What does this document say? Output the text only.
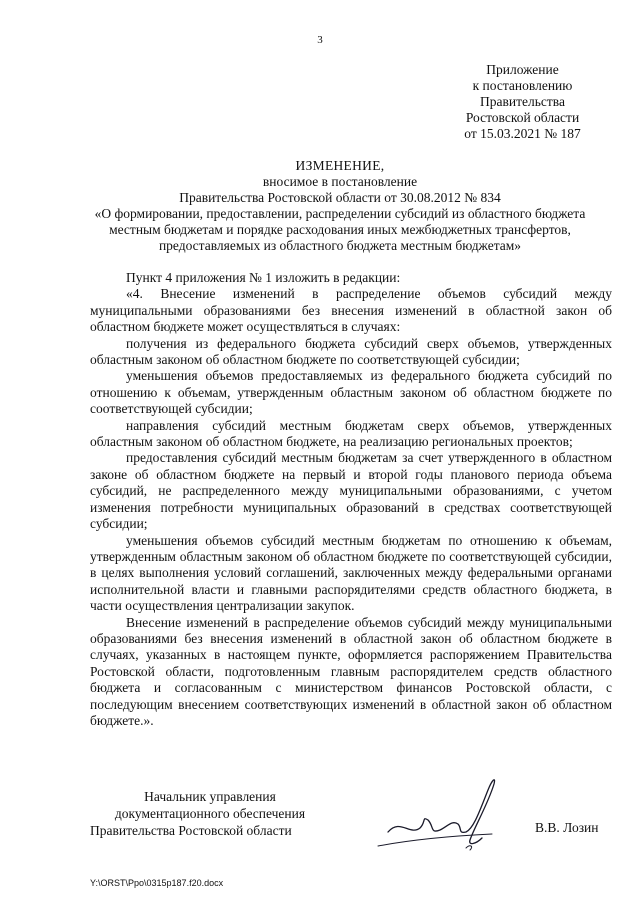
3
Приложение
к постановлению
Правительства
Ростовской области
от 15.03.2021 № 187
ИЗМЕНЕНИЕ,
вносимое в постановление
Правительства Ростовской области от 30.08.2012 № 834
«О формировании, предоставлении, распределении субсидий из областного бюджета местным бюджетам и порядке расходования иных межбюджетных трансфертов, предоставляемых из областного бюджета местным бюджетам»

Пункт 4 приложения № 1 изложить в редакции:

«4. Внесение изменений в распределение объемов субсидий между муниципальными образованиями без внесения изменений в областной закон об областном бюджете может осуществляться в случаях:

получения из федерального бюджета субсидий сверх объемов, утвержденных областным законом об областном бюджете по соответствующей субсидии;

уменьшения объемов предоставляемых из федерального бюджета субсидий по отношению к объемам, утвержденным областным законом об областном бюджете по соответствующей субсидии;

направления субсидий местным бюджетам сверх объемов, утвержденных областным законом об областном бюджете, на реализацию региональных проектов;

предоставления субсидий местным бюджетам за счет утвержденного в областном законе об областном бюджете на первый и второй годы планового периода объема субсидий, не распределенного между муниципальными образованиями, с учетом изменения потребности муниципальных образований в средствах соответствующей субсидии;

уменьшения объемов субсидий местным бюджетам по отношению к объемам, утвержденным областным законом об областном бюджете по соответствующей субсидии, в целях выполнения условий соглашений, заключенных между федеральными органами исполнительной власти и главными распорядителями средств областного бюджета, в части осуществления централизации закупок.

Внесение изменений в распределение объемов субсидий между муниципальными образованиями без внесения изменений в областной закон об областном бюджете в случаях, указанных в настоящем пункте, оформляется распоряжением Правительства Ростовской области, подготовленным главным распорядителем средств областного бюджета и согласованным с министерством финансов Ростовской области, с последующим внесением соответствующих изменений в областной закон об областном бюджете.».

Начальник управления
документационного обеспечения
Правительства Ростовской области	В.В. Лозин
Y:\ORST\Ppo\0315p187.f20.docx
